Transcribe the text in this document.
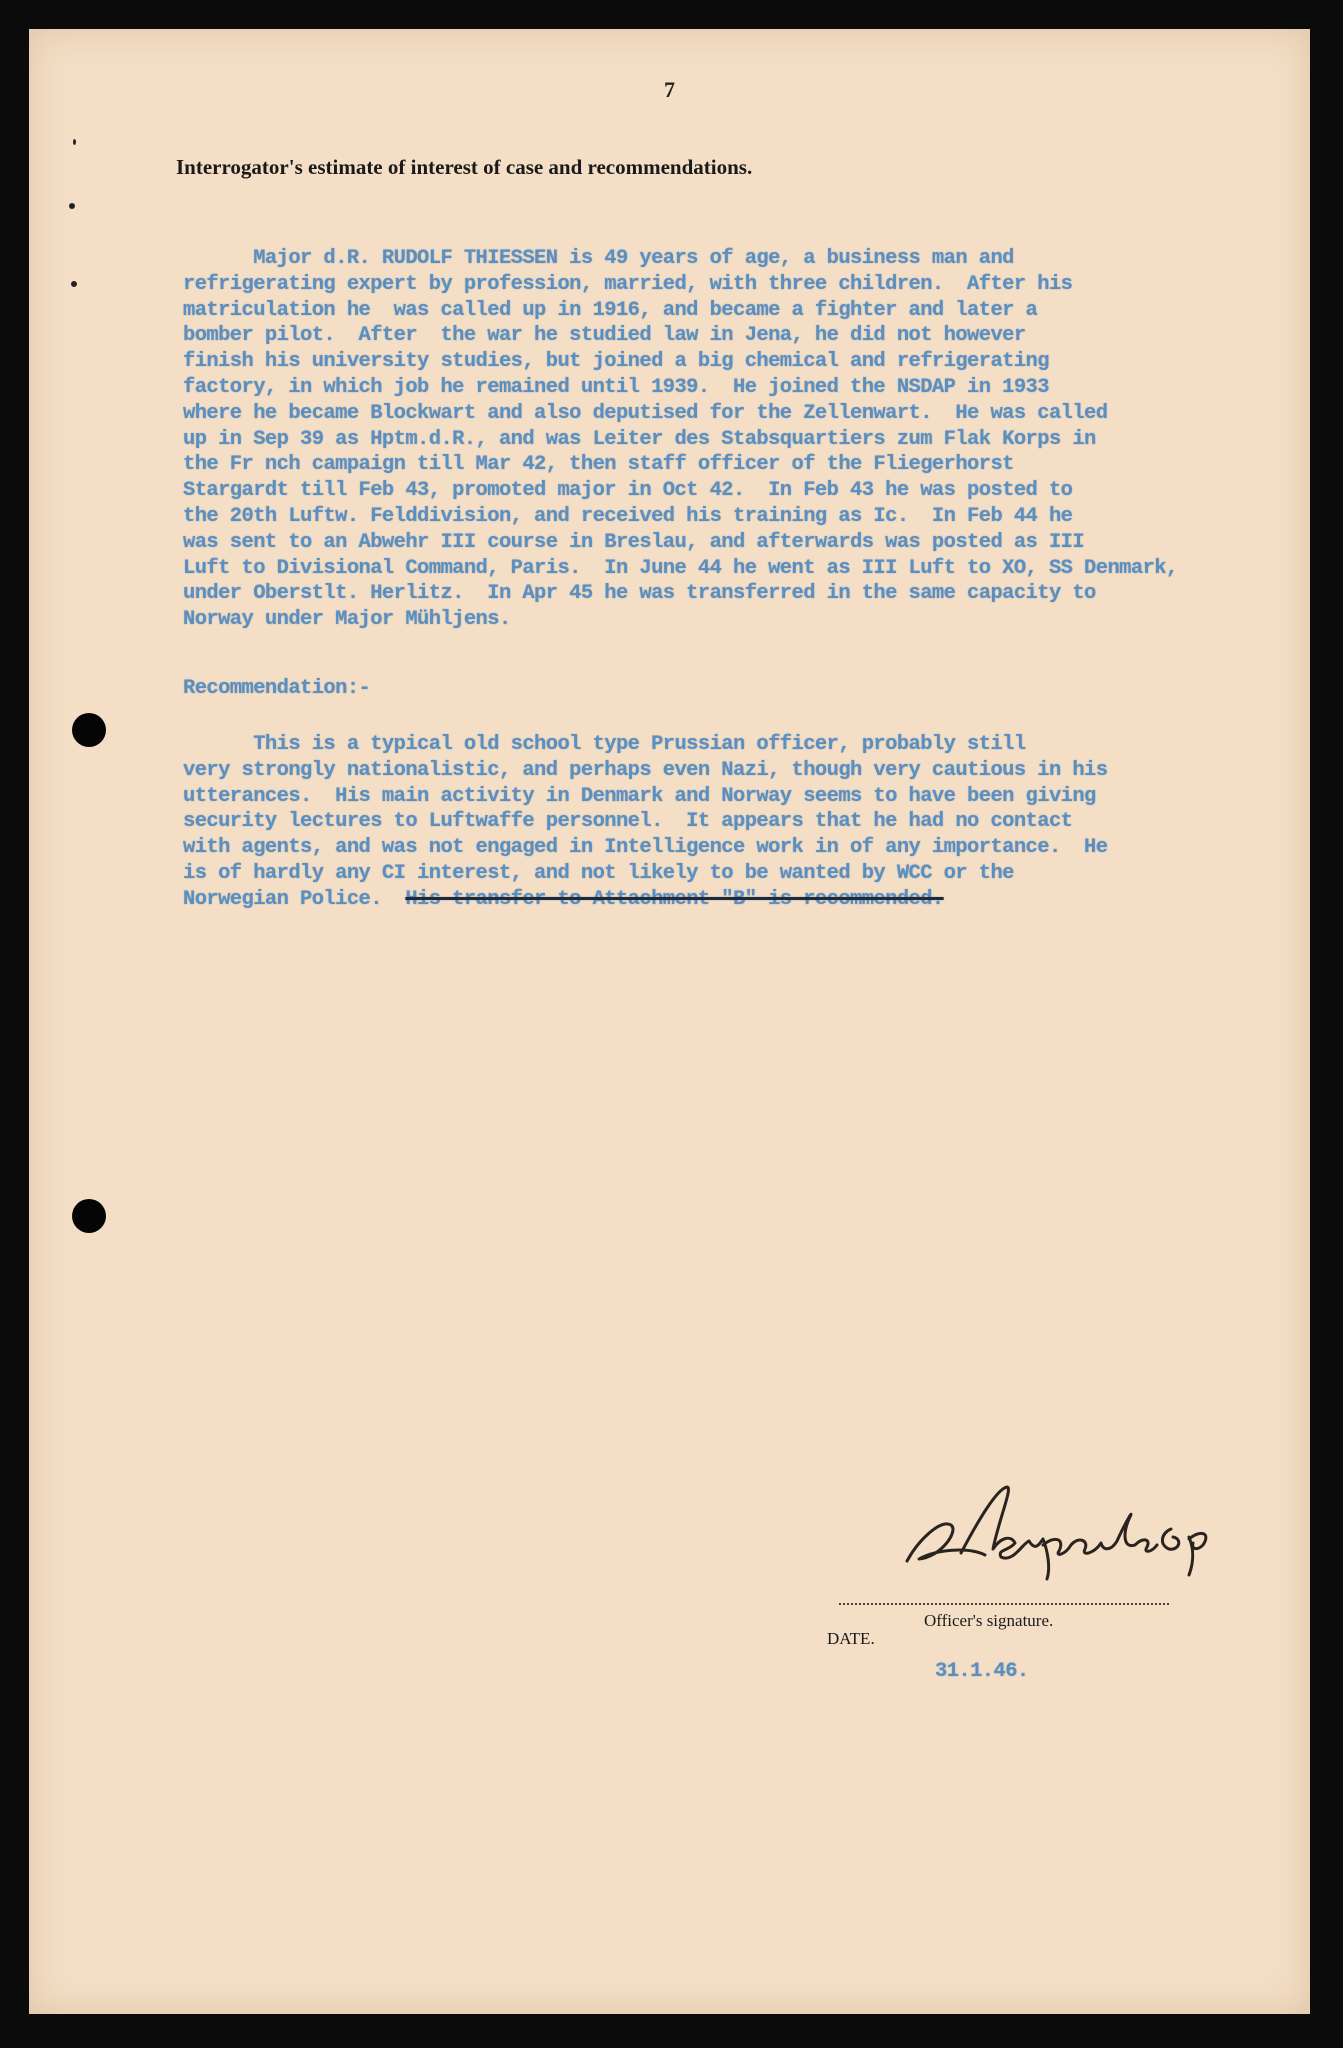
7
Interrogator's estimate of interest of case and recommendations.
Major d.R. RUDOLF THIESSEN is 49 years of age, a business man and
refrigerating expert by profession, married, with three children.  After his
matriculation he  was called up in 1916, and became a fighter and later a
bomber pilot.  After  the war he studied law in Jena, he did not however
finish his university studies, but joined a big chemical and refrigerating
factory, in which job he remained until 1939.  He joined the NSDAP in 1933
where he became Blockwart and also deputised for the Zellenwart.  He was called
up in Sep 39 as Hptm.d.R., and was Leiter des Stabsquartiers zum Flak Korps in
the Fr nch campaign till Mar 42, then staff officer of the Fliegerhorst
Stargardt till Feb 43, promoted major in Oct 42.  In Feb 43 he was posted to
the 20th Luftw. Felddivision, and received his training as Ic.  In Feb 44 he
was sent to an Abwehr III course in Breslau, and afterwards was posted as III
Luft to Divisional Command, Paris.  In June 44 he went as III Luft to XO, SS Denmark,
under Oberstlt. Herlitz.  In Apr 45 he was transferred in the same capacity to
Norway under Major Mühljens.
Recommendation:-
This is a typical old school type Prussian officer, probably still
very strongly nationalistic, and perhaps even Nazi, though very cautious in his
utterances.  His main activity in Denmark and Norway seems to have been giving
security lectures to Luftwaffe personnel.  It appears that he had no contact
with agents, and was not engaged in Intelligence work in of any importance.  He
is of hardly any CI interest, and not likely to be wanted by WCC or the
Norwegian Police.  His transfer to Attachment "B" is recommended.
Officer's signature.
DATE.
31.1.46.
